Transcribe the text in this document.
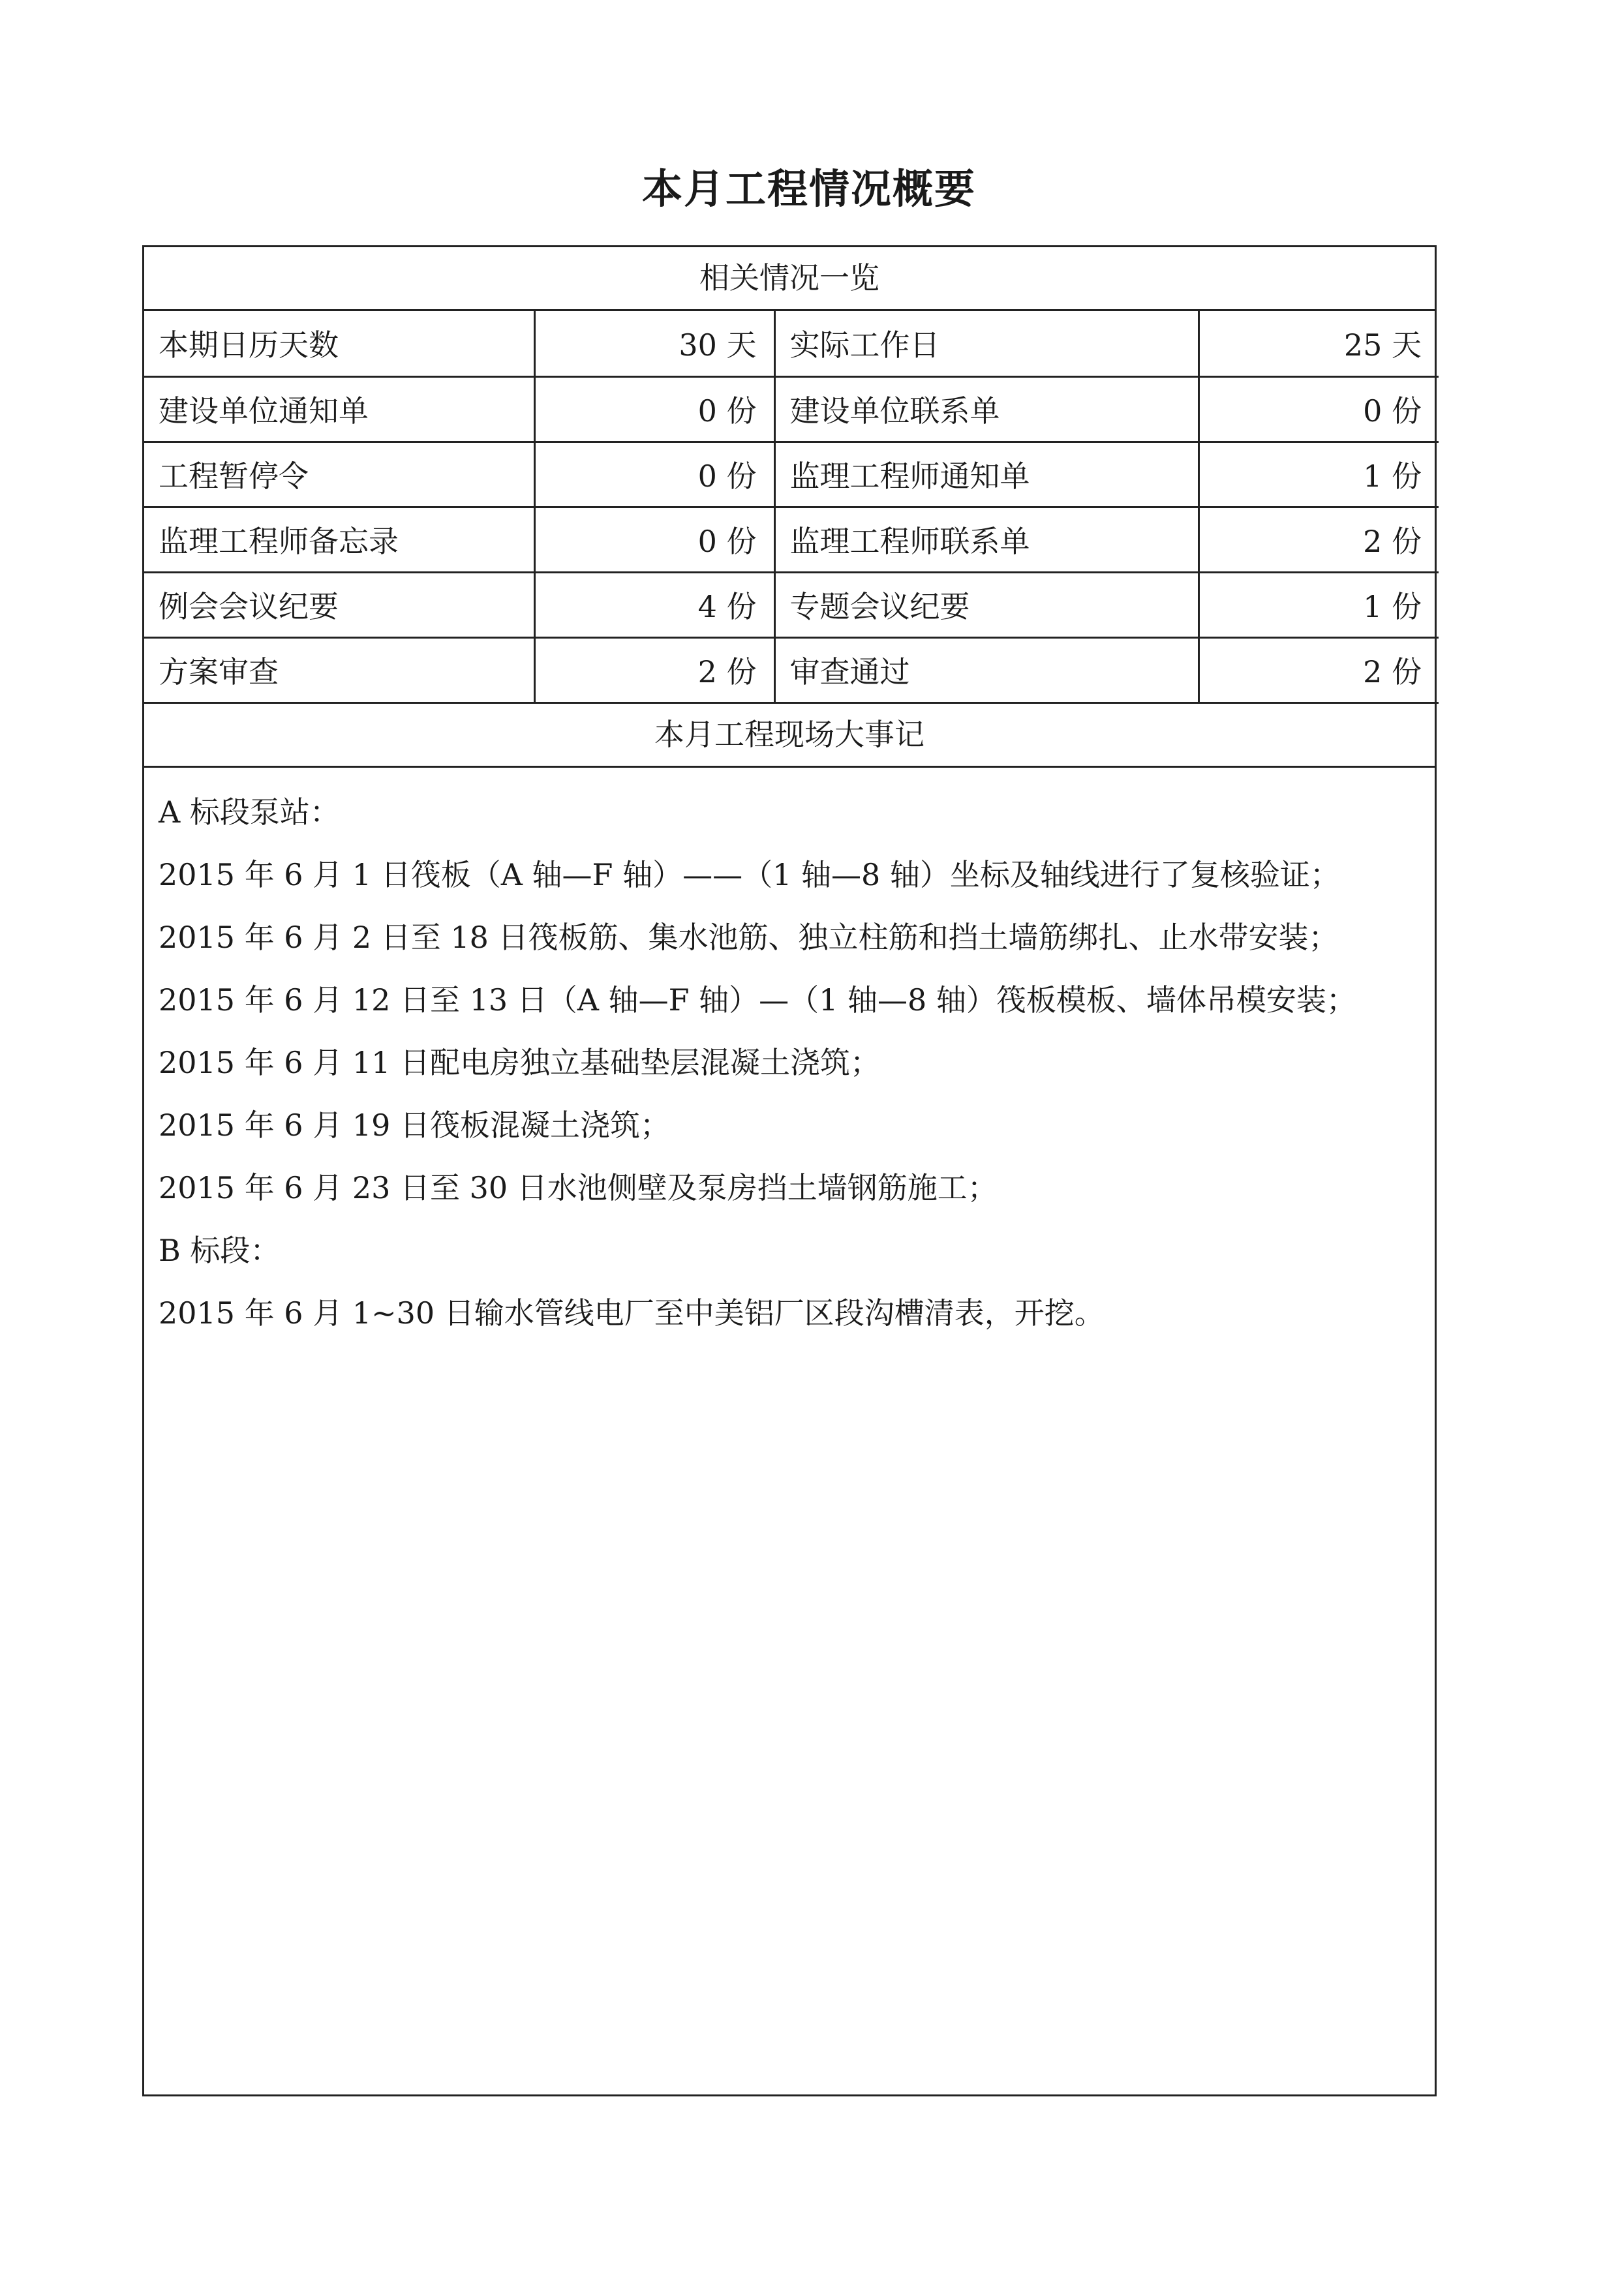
本月工程情况概要
相关情况一览
本期日历天数	30 天	实际工作日	25 天
建设单位通知单	0 份	建设单位联系单	0 份
工程暂停令	0 份	监理工程师通知单	1 份
监理工程师备忘录	0 份	监理工程师联系单	2 份
例会会议纪要	4 份	专题会议纪要	1 份
方案审查	2 份	审查通过	2 份
本月工程现场大事记
A 标段泵站：
2015 年 6 月 1 日筏板（A 轴—F 轴）——（1 轴—8 轴）坐标及轴线进行了复核验证；
2015 年 6 月 2 日至 18 日筏板筋、集水池筋、独立柱筋和挡土墙筋绑扎、止水带安装；
2015 年 6 月 12 日至 13 日（A 轴—F 轴）—（1 轴—8 轴）筏板模板、墙体吊模安装；
2015 年 6 月 11 日配电房独立基础垫层混凝土浇筑；
2015 年 6 月 19 日筏板混凝土浇筑；
2015 年 6 月 23 日至 30 日水池侧壁及泵房挡土墙钢筋施工；
B 标段：
2015 年 6 月 1~30 日输水管线电厂至中美铝厂区段沟槽清表，开挖。
